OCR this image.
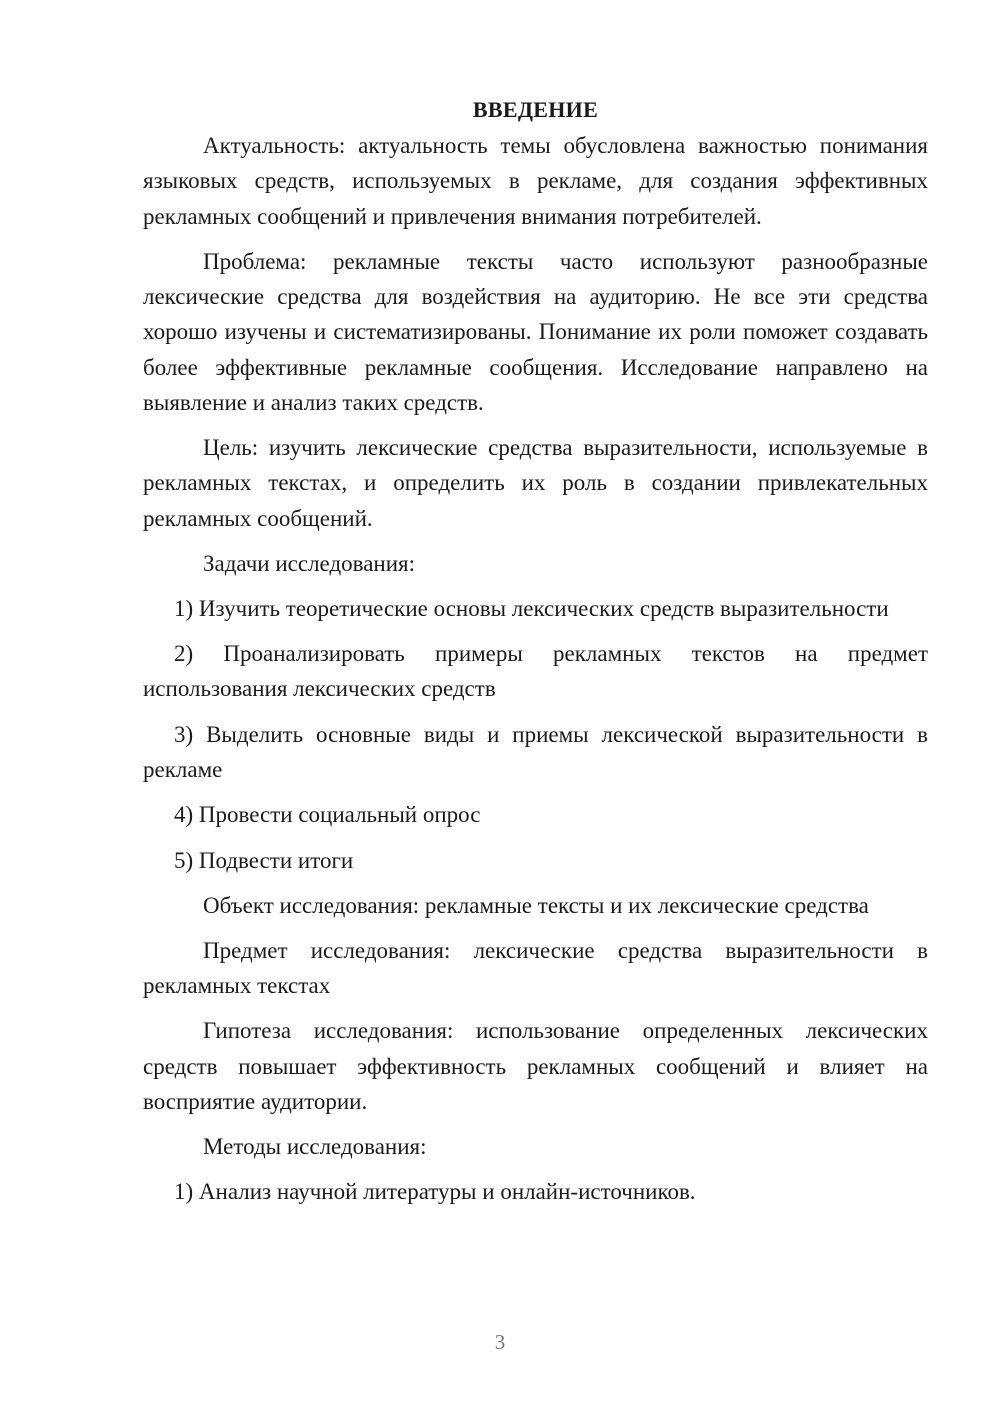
ВВЕДЕНИЕ
Актуальность: актуальность темы обусловлена важностью понимания языковых средств, используемых в рекламе, для создания эффективных рекламных сообщений и привлечения внимания потребителей.
Проблема: рекламные тексты часто используют разнообразные лексические средства для воздействия на аудиторию. Не все эти средства хорошо изучены и систематизированы. Понимание их роли поможет создавать более эффективные рекламные сообщения. Исследование направлено на выявление и анализ таких средств.
Цель: изучить лексические средства выразительности, используемые в рекламных текстах, и определить их роль в создании привлекательных рекламных сообщений.
Задачи исследования:
1) Изучить теоретические основы лексических средств выразительности
2) Проанализировать примеры рекламных текстов на предмет использования лексических средств
3) Выделить основные виды и приемы лексической выразительности в рекламе
4) Провести социальный опрос
5) Подвести итоги
Объект исследования: рекламные тексты и их лексические средства
Предмет исследования: лексические средства выразительности в рекламных текстах
Гипотеза исследования: использование определенных лексических средств повышает эффективность рекламных сообщений и влияет на восприятие аудитории.
Методы исследования:
1) Анализ научной литературы и онлайн-источников.
3
